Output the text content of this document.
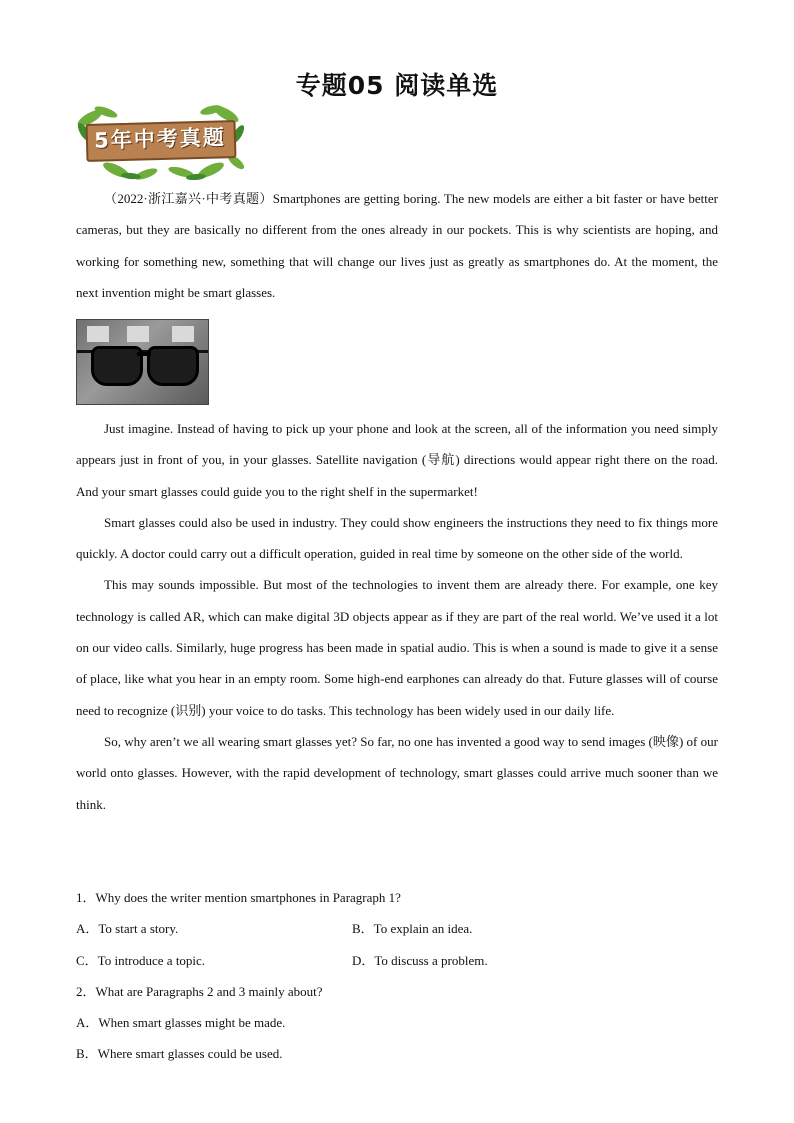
专题05 阅读单选
5年中考真题

（2022·浙江嘉兴·中考真题）Smartphones are getting boring. The new models are either a bit faster or have better cameras, but they are basically no different from the ones already in our pockets. This is why scientists are hoping, and working for something new, something that will change our lives just as greatly as smartphones do. At the moment, the next invention might be smart glasses.

Just imagine. Instead of having to pick up your phone and look at the screen, all of the information you need simply appears just in front of you, in your glasses. Satellite navigation (导航) directions would appear right there on the road. And your smart glasses could guide you to the right shelf in the supermarket!

Smart glasses could also be used in industry. They could show engineers the instructions they need to fix things more quickly. A doctor could carry out a difficult operation, guided in real time by someone on the other side of the world.

This may sounds impossible. But most of the technologies to invent them are already there. For example, one key technology is called AR, which can make digital 3D objects appear as if they are part of the real world. We’ve used it a lot on our video calls. Similarly, huge progress has been made in spatial audio. This is when a sound is made to give it a sense of place, like what you hear in an empty room. Some high-end earphones can already do that. Future glasses will of course need to recognize (识别) your voice to do tasks. This technology has been widely used in our daily life.

So, why aren’t we all wearing smart glasses yet? So far, no one has invented a good way to send images (映像) of our world onto glasses. However, with the rapid development of technology, smart glasses could arrive much sooner than we think.

1．Why does the writer mention smartphones in Paragraph 1?
A．To start a story.	B．To explain an idea.
C．To introduce a topic.	D．To discuss a problem.
2．What are Paragraphs 2 and 3 mainly about?
A．When smart glasses might be made.
B．Where smart glasses could be used.
